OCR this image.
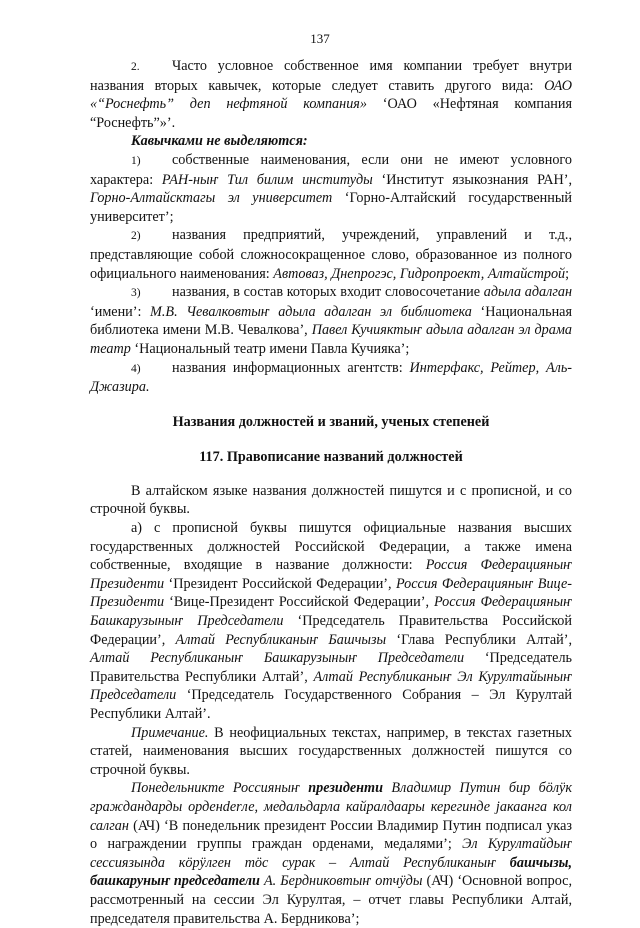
137

2. Часто условное собственное имя компании требует внутри названия вторых кавычек, которые следует ставить другого вида: ОАО «“Роснефть” деп нефтяной компания» ‘ОАО «Нефтяная компания “Роснефть”»’.

Кавычками не выделяются:

1) собственные наименования, если они не имеют условного характера: РАН-ныҥ Тил билим институды ‘Институт языкознания РАН’, Горно-Алтайсктагы эл университет ‘Горно-Алтайский государственный университет’;

2) названия предприятий, учреждений, управлений и т.д., представляющие собой сложносокращенное слово, образованное из полного официального наименования: Автоваз, Днепрогэс, Гидропроект, Алтайстрой;

3) названия, в состав которых входит словосочетание адыла адалган ‘имени’: М.В. Чевалковтыҥ адыла адалган эл библиотека ‘Национальная библиотека имени М.В. Чевалкова’, Павел Кучияктыҥ адыла адалган эл драма театр ‘Национальный театр имени Павла Кучияка’;

4) названия информационных агентств: Интерфакс, Рейтер, Аль-Джазира.

Названия должностей и званий, ученых степеней

117. Правописание названий должностей

В алтайском языке названия должностей пишутся и с прописной, и со строчной буквы.

а) с прописной буквы пишутся официальные названия высших государственных должностей Российской Федерации, а также имена собственные, входящие в название должности: Россия Федерацияныҥ Президенти ‘Президент Российской Федерации’, Россия Федерацияныҥ Вице-Президенти ‘Вице-Президент Российской Федерации’, Россия Федерацияныҥ Башкарузыныҥ Председатели ‘Председатель Правительства Российской Федерации’, Алтай Республиканыҥ Башчызы ‘Глава Республики Алтай’, Алтай Республиканыҥ Башкарузыныҥ Председатели ‘Председатель Правительства Республики Алтай’, Алтай Республиканыҥ Эл Курултайыныҥ Председатели ‘Председатель Государственного Собрания – Эл Курултай Республики Алтай’.

Примечание. В неофициальных текстах, например, в текстах газетных статей, наименования высших государственных должностей пишутся со строчной буквы.

Понедельникте Россияныҥ президенти Владимир Путин бир бӧлӱк граждандарды орденderле, медальдарла кайралдаары керегинде јакаанга кол салган (АЧ) ‘В понедельник президент России Владимир Путин подписал указ о награждении группы граждан орденами, медалями’; Эл Курултайдыҥ сессиязында кӧрӱлген тӧс сурак – Алтай Республиканыҥ башчызы, башкаруныҥ председатели А. Бердниковтыҥ отчӱды (АЧ) ‘Основной вопрос, рассмотренный на сессии Эл Курултая, – отчет главы Республики Алтай, председателя правительства А. Бердникова’;
